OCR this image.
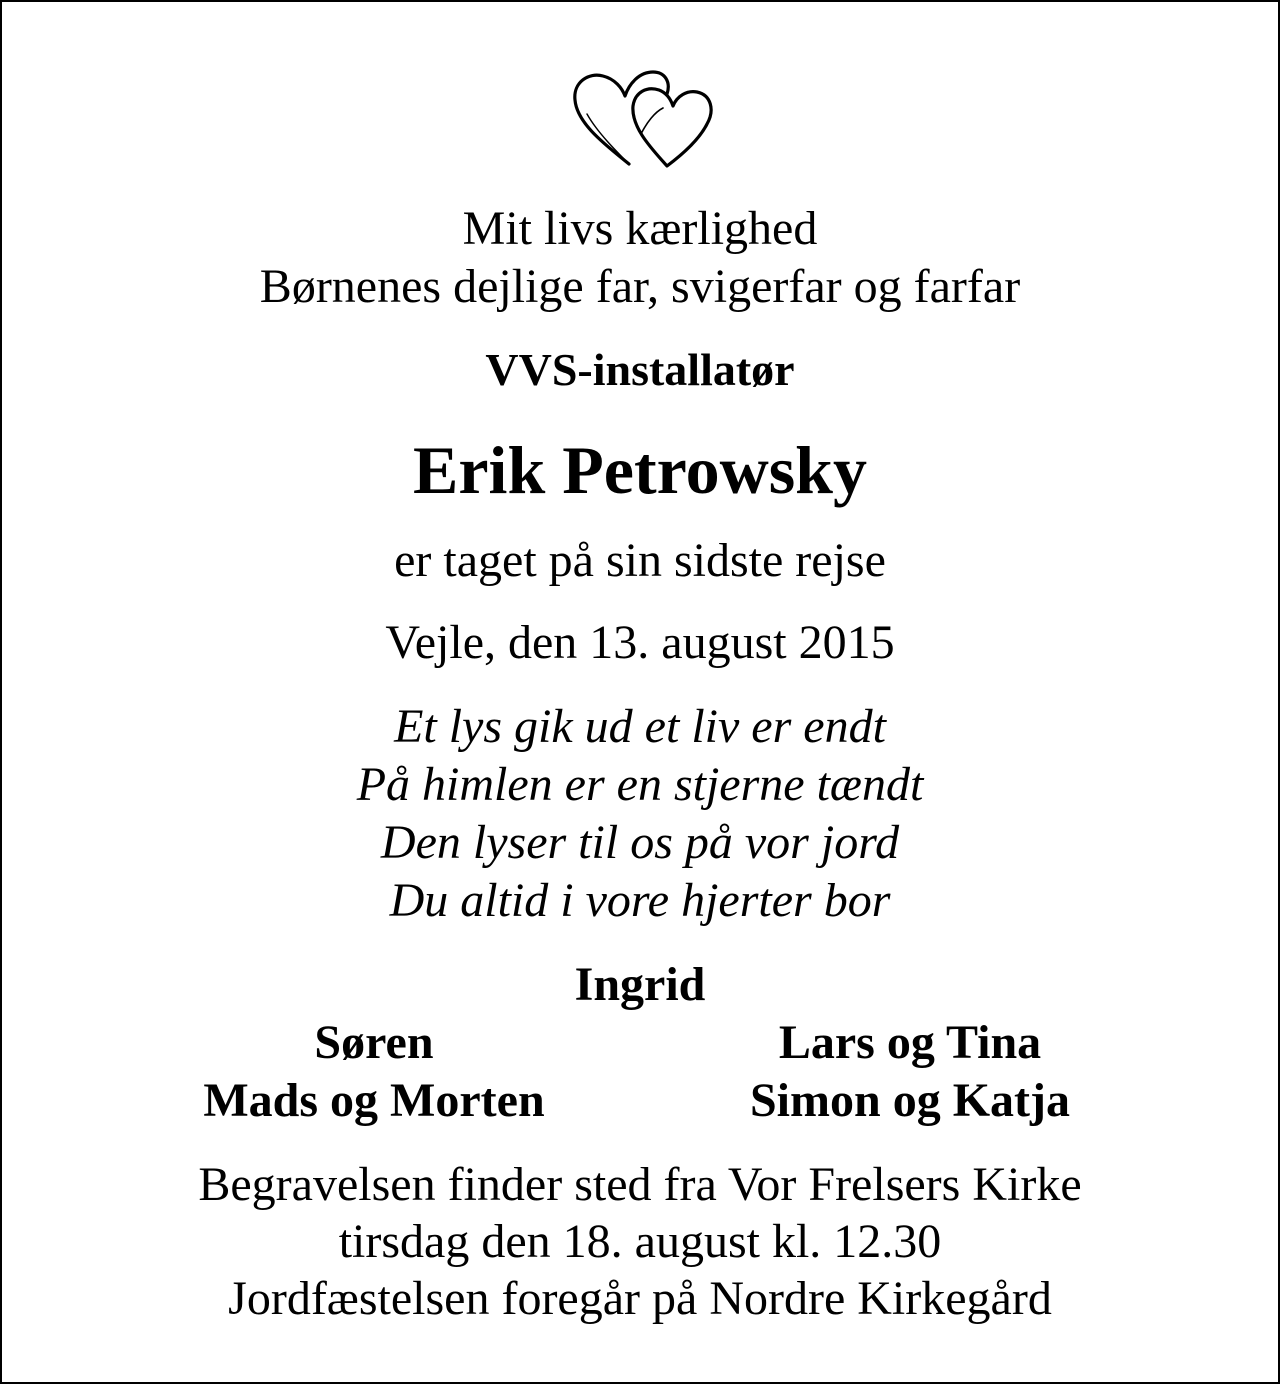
Mit livs kærlighed
Børnenes dejlige far, svigerfar og farfar
VVS-installatør
Erik Petrowsky
er taget på sin sidste rejse
Vejle, den 13. august 2015
Et lys gik ud et liv er endt
På himlen er en stjerne tændt
Den lyser til os på vor jord
Du altid i vore hjerter bor
Ingrid
Søren
Mads og Morten
Lars og Tina
Simon og Katja
Begravelsen finder sted fra Vor Frelsers Kirke
tirsdag den 18. august kl. 12.30
Jordfæstelsen foregår på Nordre Kirkegård
